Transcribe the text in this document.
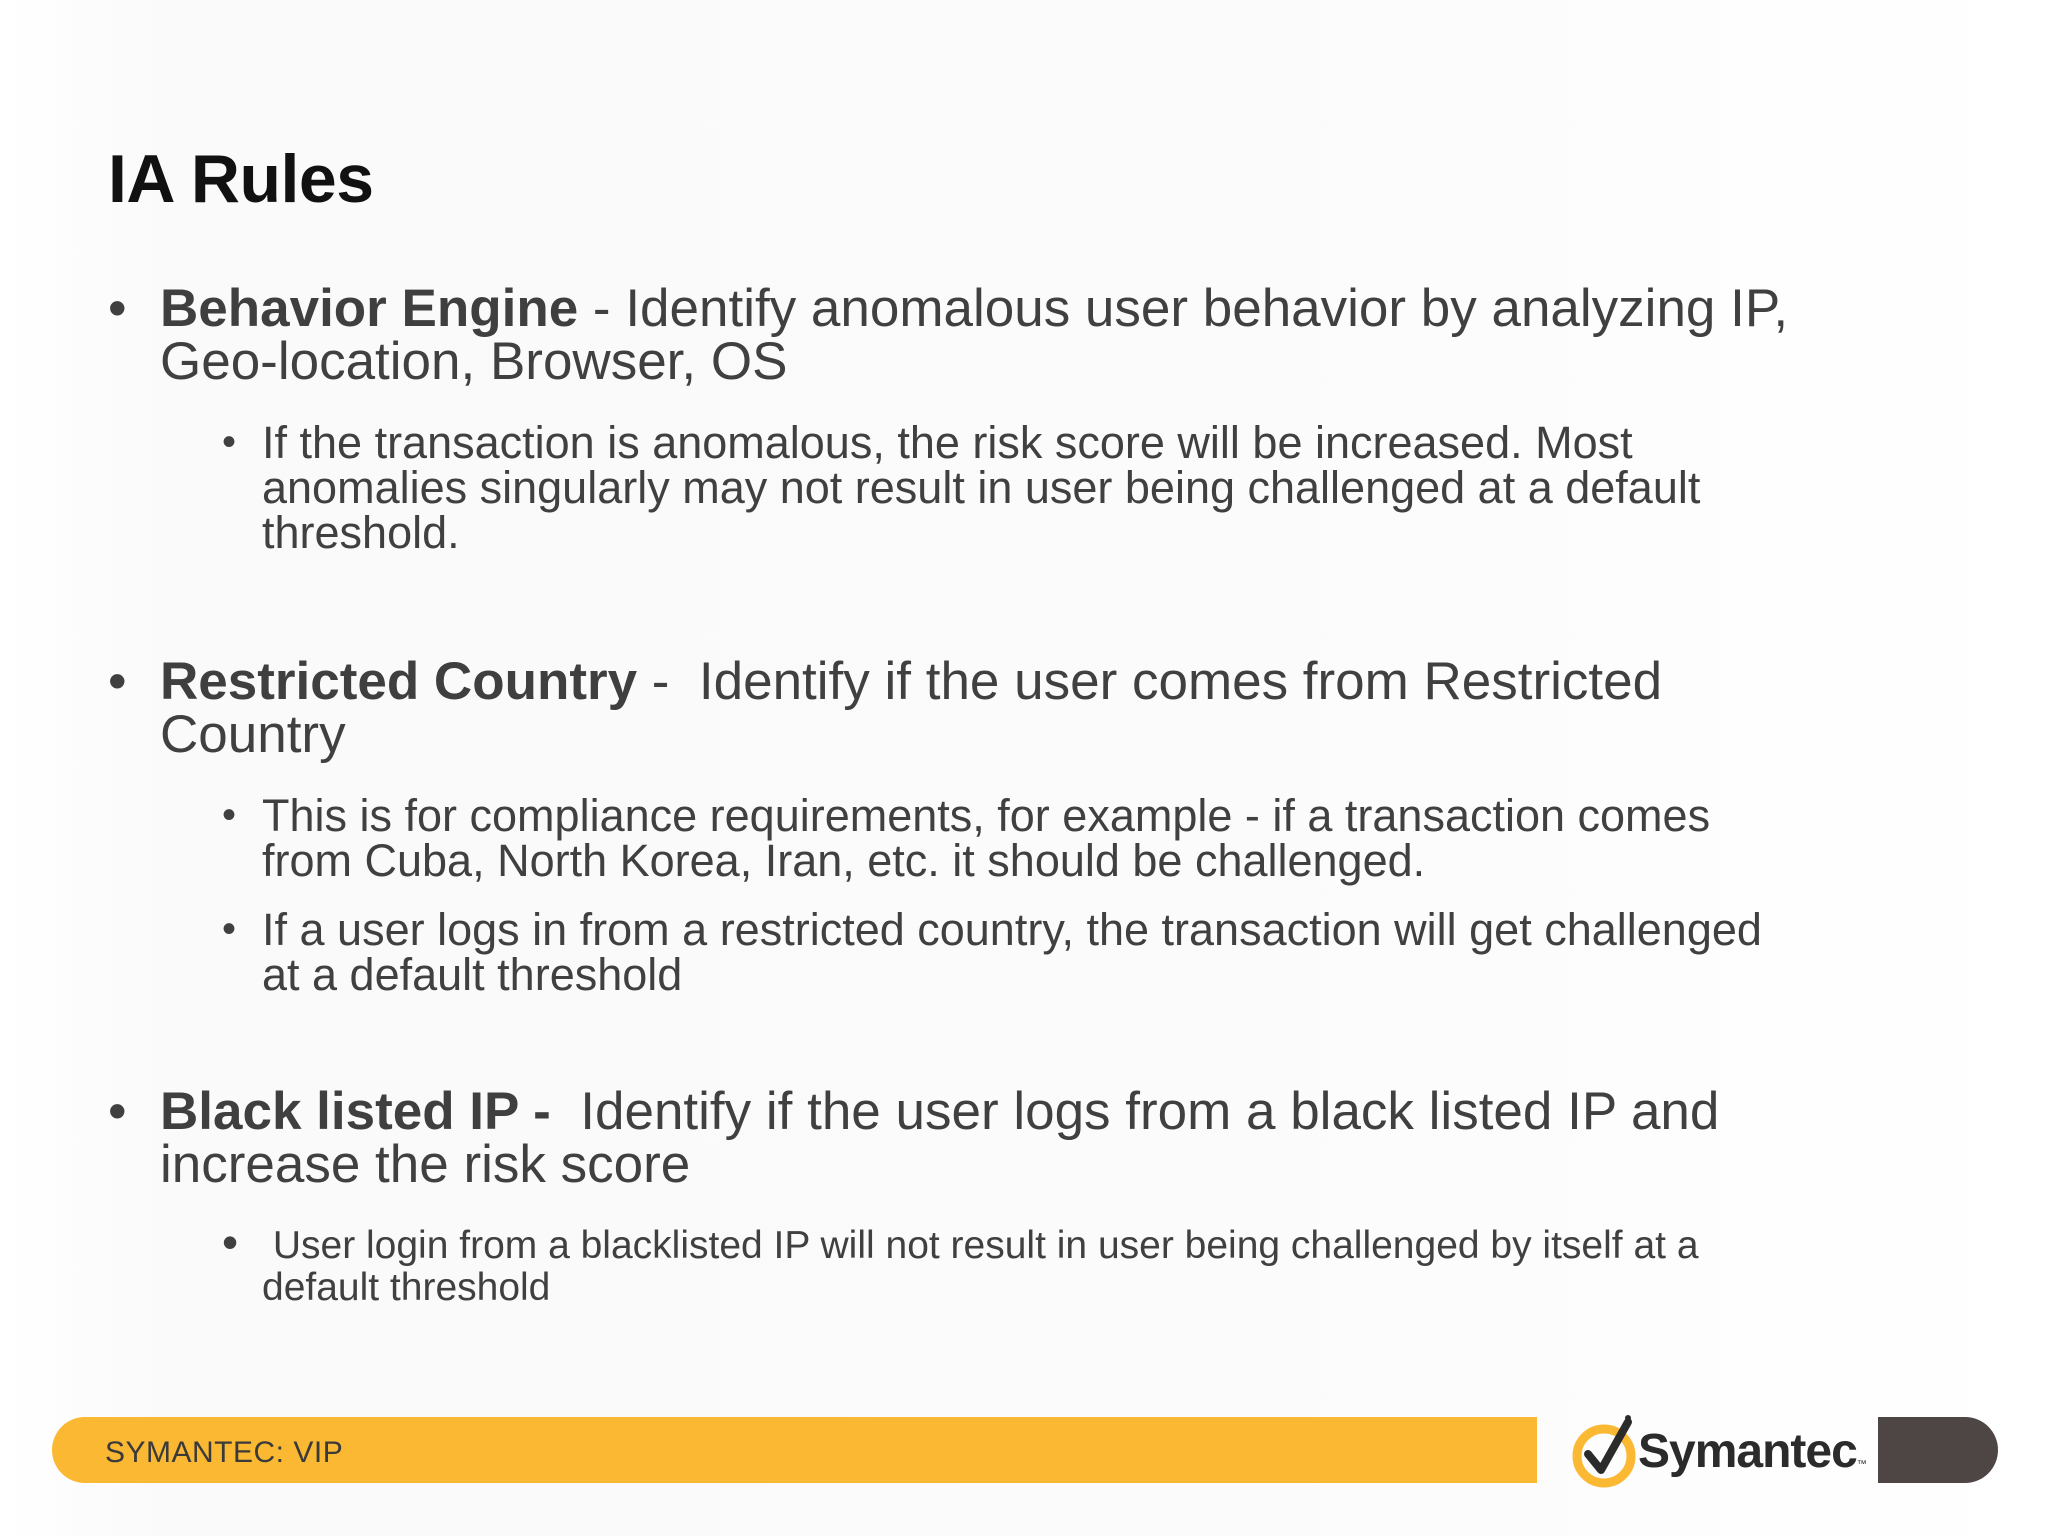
IA Rules
• Behavior Engine - Identify anomalous user behavior by analyzing IP,
Geo-location, Browser, OS
• If the transaction is anomalous, the risk score will be increased. Most
anomalies singularly may not result in user being challenged at a default
threshold.
• Restricted Country -  Identify if the user comes from Restricted
Country
• This is for compliance requirements, for example - if a transaction comes
from Cuba, North Korea, Iran, etc. it should be challenged.
• If a user logs in from a restricted country, the transaction will get challenged
at a default threshold
• Black listed IP - Identify if the user logs from a black listed IP and
increase the risk score
• User login from a blacklisted IP will not result in user being challenged by itself at a
default threshold
SYMANTEC: VIP	Symantec™
